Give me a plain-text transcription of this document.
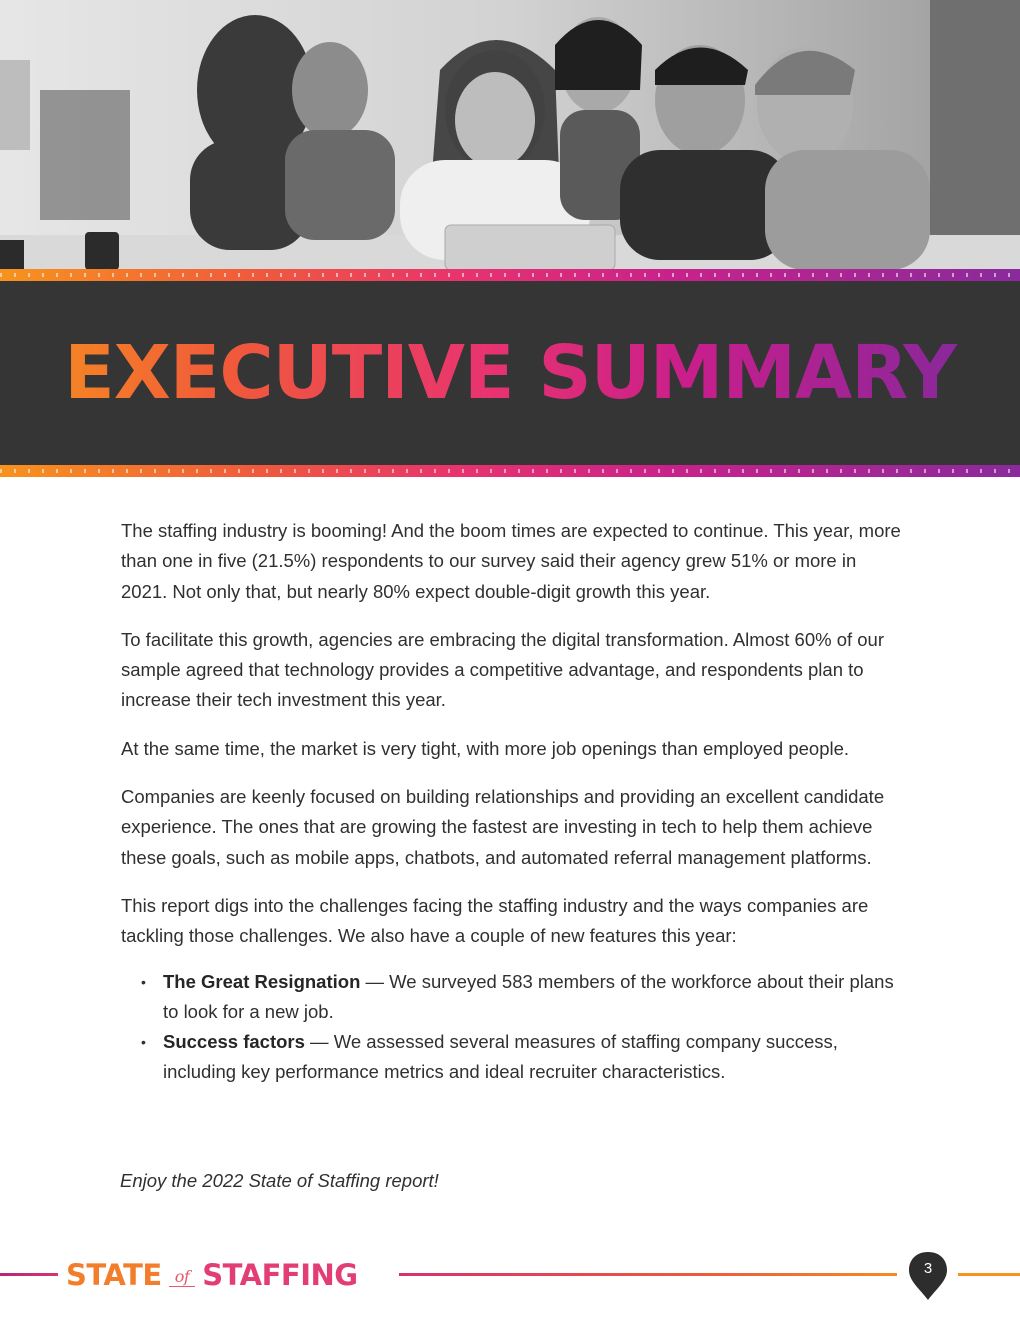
EXECUTIVE SUMMARY

The staffing industry is booming! And the boom times are expected to continue. This year, more than one in five (21.5%) respondents to our survey said their agency grew 51% or more in 2021. Not only that, but nearly 80% expect double-digit growth this year.

To facilitate this growth, agencies are embracing the digital transformation. Almost 60% of our sample agreed that technology provides a competitive advantage, and respondents plan to increase their tech investment this year.

At the same time, the market is very tight, with more job openings than employed people.

Companies are keenly focused on building relationships and providing an excellent candidate experience. The ones that are growing the fastest are investing in tech to help them achieve these goals, such as mobile apps, chatbots, and automated referral management platforms.

This report digs into the challenges facing the staffing industry and the ways companies are tackling those challenges. We also have a couple of new features this year:

• The Great Resignation — We surveyed 583 members of the workforce about their plans to look for a new job.
• Success factors — We assessed several measures of staffing company success, including key performance metrics and ideal recruiter characteristics.
Enjoy the 2022 State of Staffing report!
STATE of STAFFING	3
